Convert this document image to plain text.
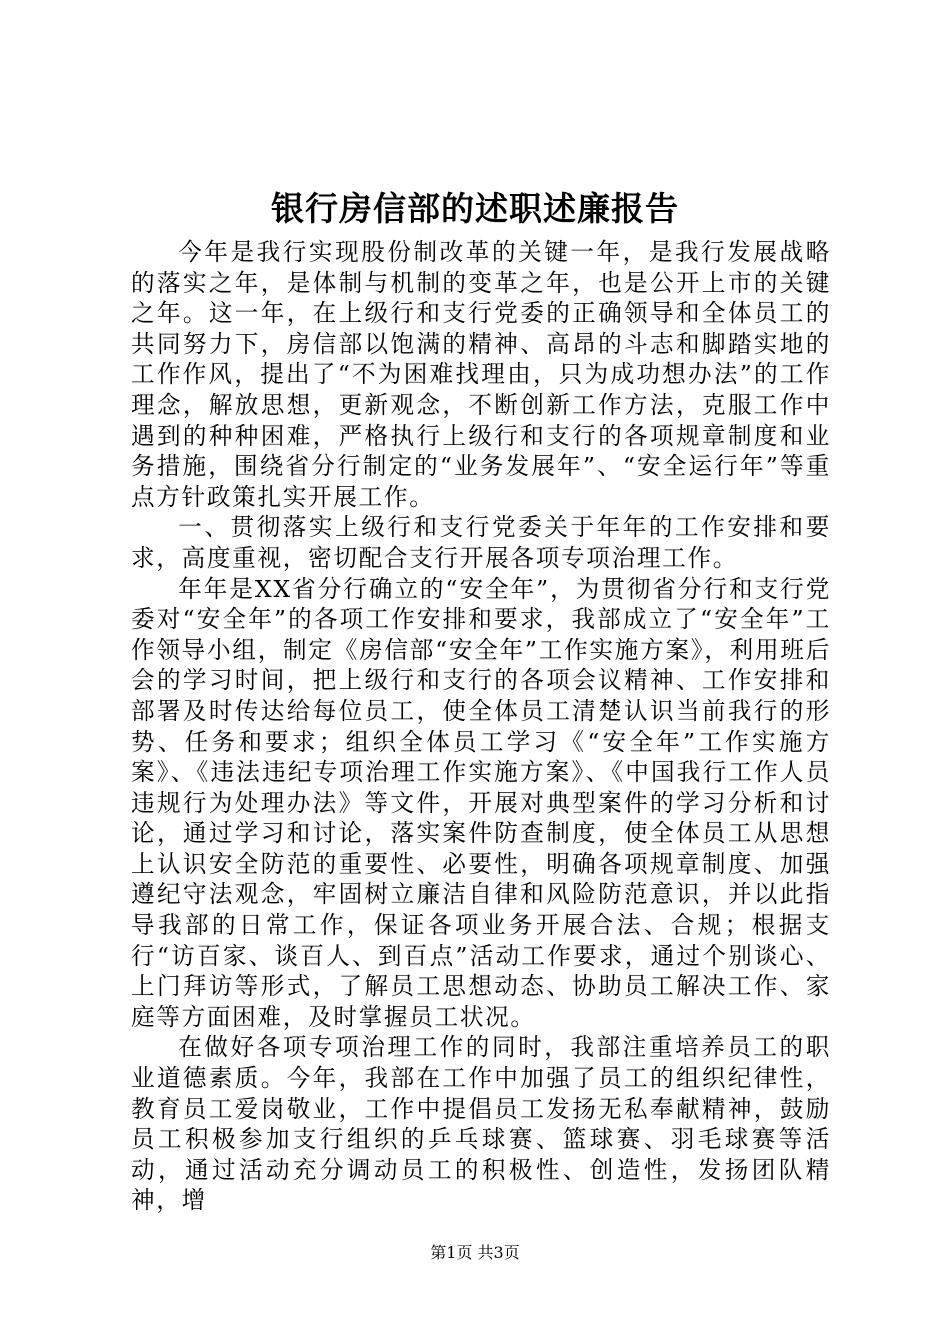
银行房信部的述职述廉报告

今年是我行实现股份制改革的关键一年，是我行发展战略的落实之年，是体制与机制的变革之年，也是公开上市的关键之年。这一年，在上级行和支行党委的正确领导和全体员工的共同努力下，房信部以饱满的精神、高昂的斗志和脚踏实地的工作作风，提出了“不为困难找理由，只为成功想办法”的工作理念，解放思想，更新观念，不断创新工作方法，克服工作中遇到的种种困难，严格执行上级行和支行的各项规章制度和业务措施，围绕省分行制定的“业务发展年”、“安全运行年”等重点方针政策扎实开展工作。

一、贯彻落实上级行和支行党委关于年年的工作安排和要求，高度重视，密切配合支行开展各项专项治理工作。

年年是XX省分行确立的“安全年”，为贯彻省分行和支行党委对“安全年”的各项工作安排和要求，我部成立了“安全年”工作领导小组，制定《房信部“安全年”工作实施方案》，利用班后会的学习时间，把上级行和支行的各项会议精神、工作安排和部署及时传达给每位员工，使全体员工清楚认识当前我行的形势、任务和要求；组织全体员工学习《“安全年”工作实施方案》、《违法违纪专项治理工作实施方案》、《中国我行工作人员违规行为处理办法》等文件，开展对典型案件的学习分析和讨论，通过学习和讨论，落实案件防查制度，使全体员工从思想上认识安全防范的重要性、必要性，明确各项规章制度、加强遵纪守法观念，牢固树立廉洁自律和风险防范意识，并以此指导我部的日常工作，保证各项业务开展合法、合规；根据支行“访百家、谈百人、到百点”活动工作要求，通过个别谈心、上门拜访等形式，了解员工思想动态、协助员工解决工作、家庭等方面困难，及时掌握员工状况。

在做好各项专项治理工作的同时，我部注重培养员工的职业道德素质。今年，我部在工作中加强了员工的组织纪律性，教育员工爱岗敬业，工作中提倡员工发扬无私奉献精神，鼓励员工积极参加支行组织的乒乓球赛、篮球赛、羽毛球赛等活动，通过活动充分调动员工的积极性、创造性，发扬团队精神，增

第1页 共3页
